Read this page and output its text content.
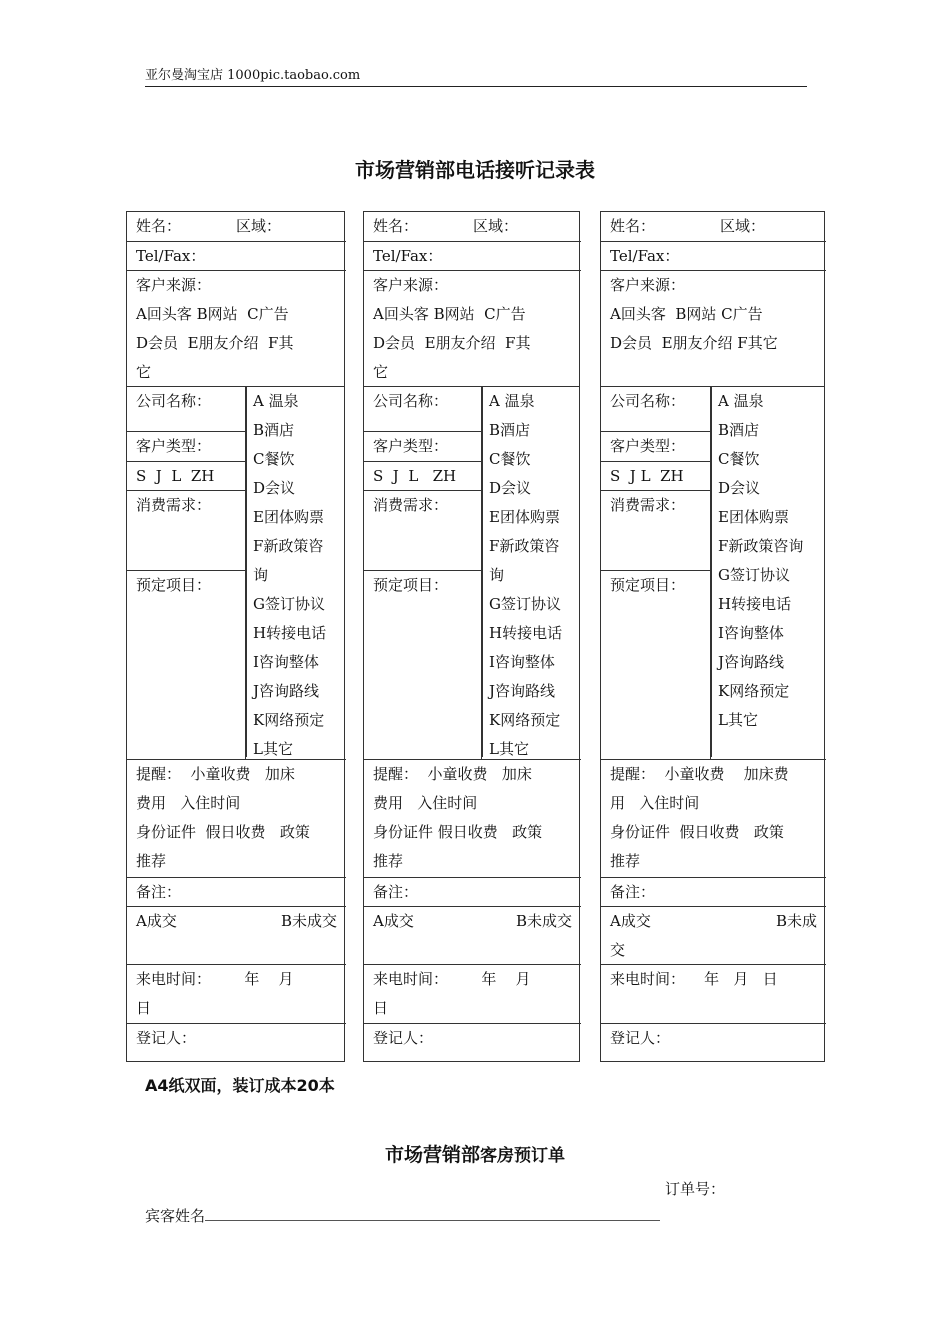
亚尔曼淘宝店 1000pic.taobao.com
市场营销部电话接听记录表
姓名：	区域：
Tel/Fax：
客户来源：
A回头客 B网站  C广告
D会员  E朋友介绍  F其
它
公司名称：
客户类型：
S  J  L  ZH
消费需求：
预定项目：
A 温泉
B酒店
C餐饮
D会议
E团体购票
F新政策咨
询
G签订协议
H转接电话
I咨询整体
J咨询路线
K网络预定
L其它
提醒：  小童收费   加床
费用   入住时间
身份证件  假日收费   政策
推荐
备注：
A成交	B未成交
来电时间：       年    月
日
登记人：
姓名：	区域：
Tel/Fax：
客户来源：
A回头客 B网站  C广告
D会员  E朋友介绍  F其
它
公司名称：
客户类型：
S  J  L   ZH
消费需求：
预定项目：
A 温泉
B酒店
C餐饮
D会议
E团体购票
F新政策咨
询
G签订协议
H转接电话
I咨询整体
J咨询路线
K网络预定
L其它
提醒：  小童收费   加床
费用   入住时间
身份证件 假日收费   政策
推荐
备注：
A成交	B未成交
来电时间：       年    月
日
登记人：
姓名：	区域：
Tel/Fax：
客户来源：
A回头客  B网站 C广告
D会员  E朋友介绍 F其它
公司名称：
客户类型：
S  J L  ZH
消费需求：
预定项目：
A 温泉
B酒店
C餐饮
D会议
E团体购票
F新政策咨询
G签订协议
H转接电话
I咨询整体
J咨询路线
K网络预定
L其它
提醒：  小童收费    加床费
用   入住时间
身份证件  假日收费   政策
推荐
备注：
A成交	B未成
交
来电时间：    年   月   日
登记人：
A4纸双面，装订成本20本
市场营销部客房预订单
订单号：
宾客姓名
